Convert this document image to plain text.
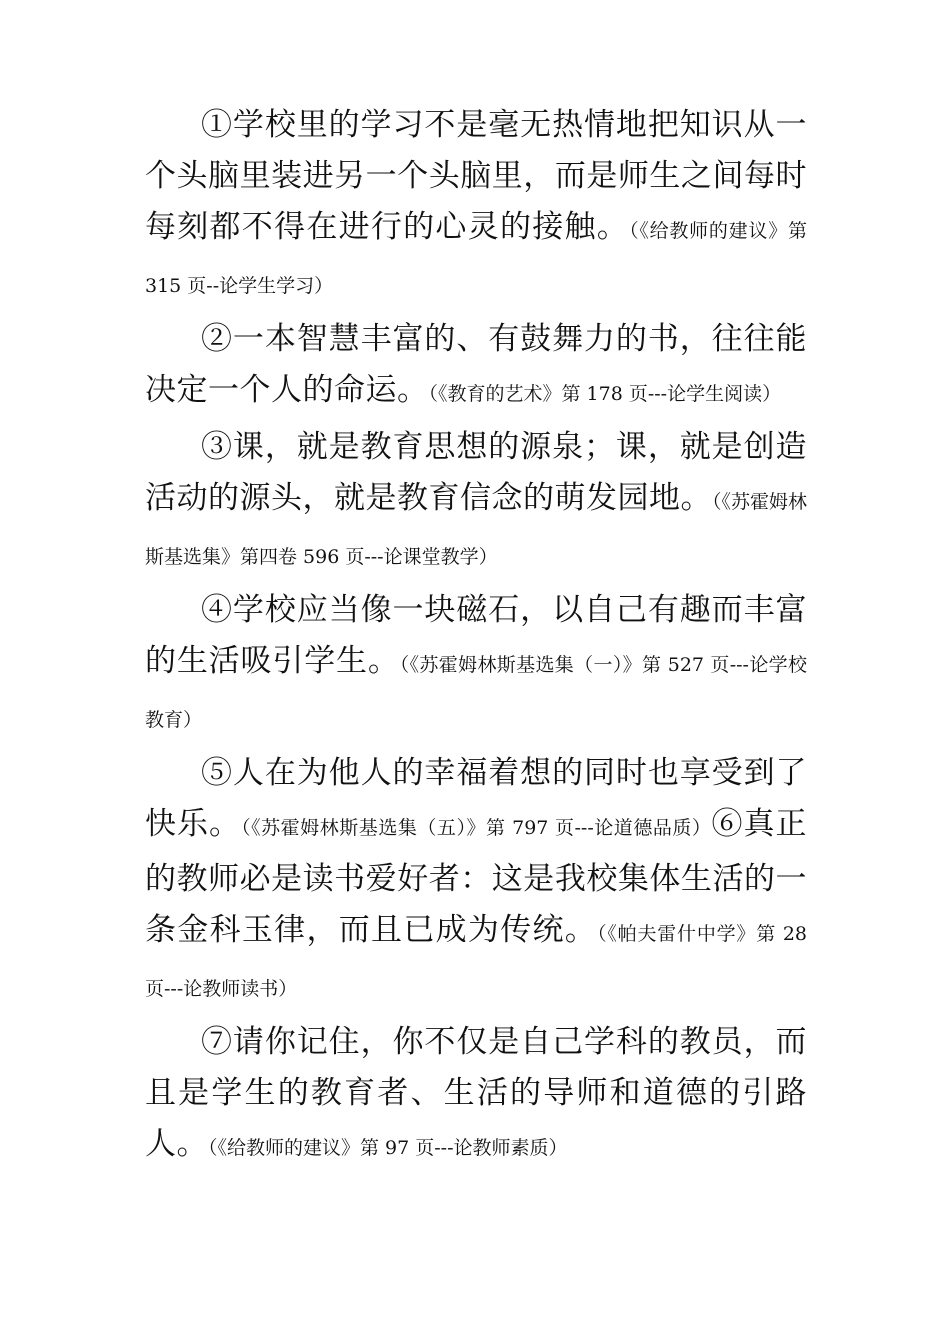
①学校里的学习不是毫无热情地把知识从一个头脑里装进另一个头脑里，而是师生之间每时每刻都不得在进行的心灵的接触。（《给教师的建议》第 315 页--论学生学习）

②一本智慧丰富的、有鼓舞力的书，往往能决定一个人的命运。（《教育的艺术》第 178 页---论学生阅读）

③课，就是教育思想的源泉；课，就是创造活动的源头，就是教育信念的萌发园地。（《苏霍姆林斯基选集》第四卷 596 页---论课堂教学）

④学校应当像一块磁石，以自己有趣而丰富的生活吸引学生。（《苏霍姆林斯基选集（一）》第 527 页---论学校教育）

⑤人在为他人的幸福着想的同时也享受到了快乐。（《苏霍姆林斯基选集（五）》第 797 页---论道德品质）⑥真正的教师必是读书爱好者：这是我校集体生活的一条金科玉律，而且已成为传统。（《帕夫雷什中学》第 28 页---论教师读书）

⑦请你记住，你不仅是自己学科的教员，而且是学生的教育者、生活的导师和道德的引路人。（《给教师的建议》第 97 页---论教师素质）
